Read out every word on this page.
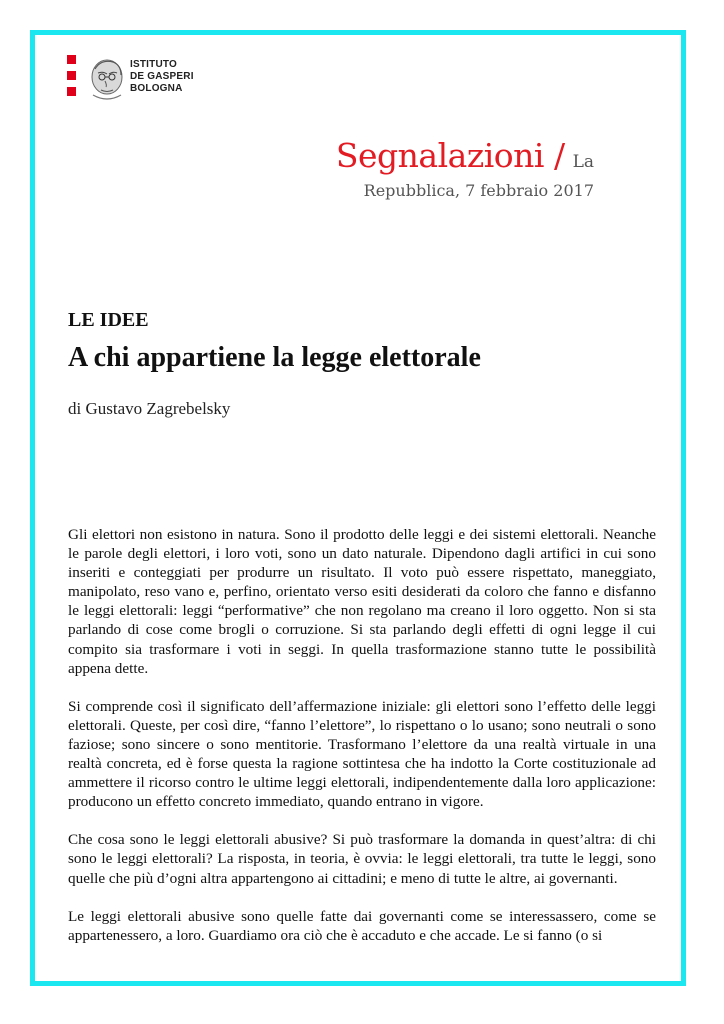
ISTITUTO
DE GASPERI
BOLOGNA
Segnalazioni / La
Repubblica, 7 febbraio 2017
LE IDEE
A chi appartiene la legge elettorale
di Gustavo Zagrebelsky

Gli elettori non esistono in natura. Sono il prodotto delle leggi e dei sistemi elettorali. Neanche le parole degli elettori, i loro voti, sono un dato naturale. Dipendono dagli artifici in cui sono inseriti e conteggiati per produrre un risultato. Il voto può essere rispettato, maneggiato, manipolato, reso vano e, perfino, orientato verso esiti desiderati da coloro che fanno e disfanno le leggi elettorali: leggi “performative” che non regolano ma creano il loro oggetto. Non si sta parlando di cose come brogli o corruzione. Si sta parlando degli effetti di ogni legge il cui compito sia trasformare i voti in seggi. In quella trasformazione stanno tutte le possibilità appena dette.

Si comprende così il significato dell’affermazione iniziale: gli elettori sono l’effetto delle leggi elettorali. Queste, per così dire, “fanno l’elettore”, lo rispettano o lo usano; sono neutrali o sono faziose; sono sincere o sono mentitorie. Trasformano l’elettore da una realtà virtuale in una realtà concreta, ed è forse questa la ragione sottintesa che ha indotto la Corte costituzionale ad ammettere il ricorso contro le ultime leggi elettorali, indipendentemente dalla loro applicazione: producono un effetto concreto immediato, quando entrano in vigore.

Che cosa sono le leggi elettorali abusive? Si può trasformare la domanda in quest’altra: di chi sono le leggi elettorali? La risposta, in teoria, è ovvia: le leggi elettorali, tra tutte le leggi, sono quelle che più d’ogni altra appartengono ai cittadini; e meno di tutte le altre, ai governanti.

Le leggi elettorali abusive sono quelle fatte dai governanti come se interessassero, come se appartenessero, a loro. Guardiamo ora ciò che è accaduto e che accade. Le si fanno (o si
